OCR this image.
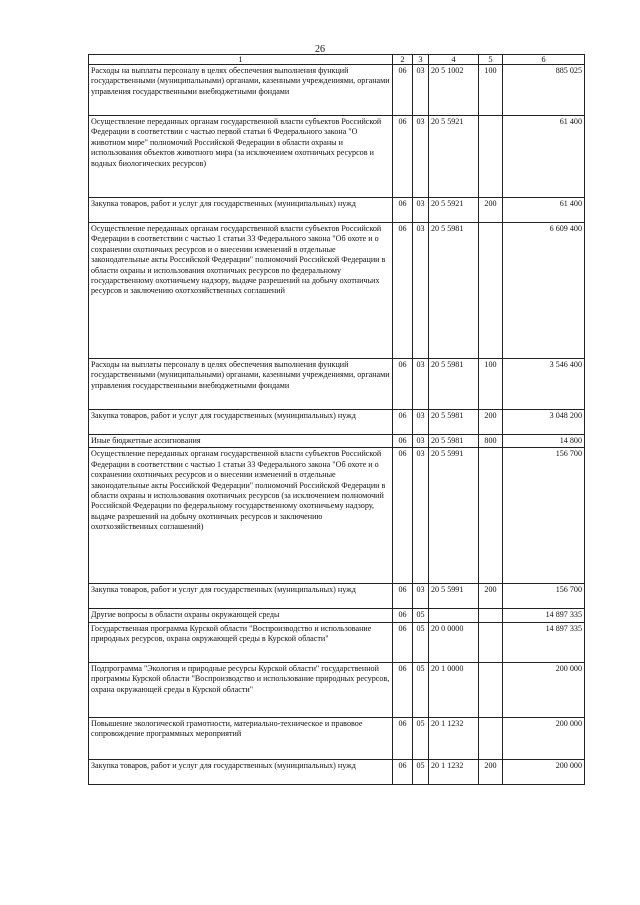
26
1	2	3	4	5	6
Расходы на выплаты персоналу в целях обеспечения выполнения функций государственными (муниципальными) органами, казенными учреждениями, органами управления государственными внебюджетными фондами	06	03	20 5 1002	100	885 025
Осуществление переданных органам государственной власти субъектов Российской Федерации в соответствии с частью первой статьи 6 Федерального закона "О животном мире" полномочий Российской Федерации в области охраны и использования объектов животного мира (за исключением охотничьих ресурсов и водных биологических ресурсов)	06	03	20 5 5921		61 400
Закупка товаров, работ и услуг для государственных (муниципальных) нужд	06	03	20 5 5921	200	61 400
Осуществление переданных органам государственной власти субъектов Российской Федерации в соответствии с частью 1 статьи 33 Федерального закона "Об охоте и о сохранении охотничьих ресурсов и о внесении изменений в отдельные законодательные акты Российской Федерации" полномочий Российской Федерации в области охраны и использования охотничьих ресурсов по федеральному государственному охотничьему надзору, выдаче разрешений на добычу охотничьих ресурсов и заключению охотхозяйственных соглашений	06	03	20 5 5981		6 609 400
Расходы на выплаты персоналу в целях обеспечения выполнения функций государственными (муниципальными) органами, казенными учреждениями, органами управления государственными внебюджетными фондами	06	03	20 5 5981	100	3 546 400
Закупка товаров, работ и услуг для государственных (муниципальных) нужд	06	03	20 5 5981	200	3 048 200
Иные бюджетные ассигнования	06	03	20 5 5981	800	14 800
Осуществление переданных органам государственной власти субъектов Российской Федерации в соответствии с частью 1 статьи 33 Федерального закона "Об охоте и о сохранении охотничьих ресурсов и о внесении изменений в отдельные законодательные акты Российской Федерации" полномочий Российской Федерации в области охраны и использования охотничьих ресурсов (за исключением полномочий Российской Федерации по федеральному государственному охотничьему надзору, выдаче разрешений на добычу охотничьих ресурсов и заключению охотхозяйственных соглашений)	06	03	20 5 5991		156 700
Закупка товаров, работ и услуг для государственных (муниципальных) нужд	06	03	20 5 5991	200	156 700
Другие вопросы в области охраны окружающей среды	06	05			14 897 335
Государственная программа Курской области "Воспроизводство и использование природных ресурсов, охрана окружающей среды в Курской области"	06	05	20 0 0000		14 897 335
Подпрограмма "Экология и природные ресурсы Курской области" государственной программы Курской области "Воспроизводство и использование природных ресурсов, охрана окружающей среды в Курской области"	06	05	20 1 0000		200 000
Повышение экологической грамотности, материально-техническое и правовое сопровождение программных мероприятий	06	05	20 1 1232		200 000
Закупка товаров, работ и услуг для государственных (муниципальных) нужд	06	05	20 1 1232	200	200 000
